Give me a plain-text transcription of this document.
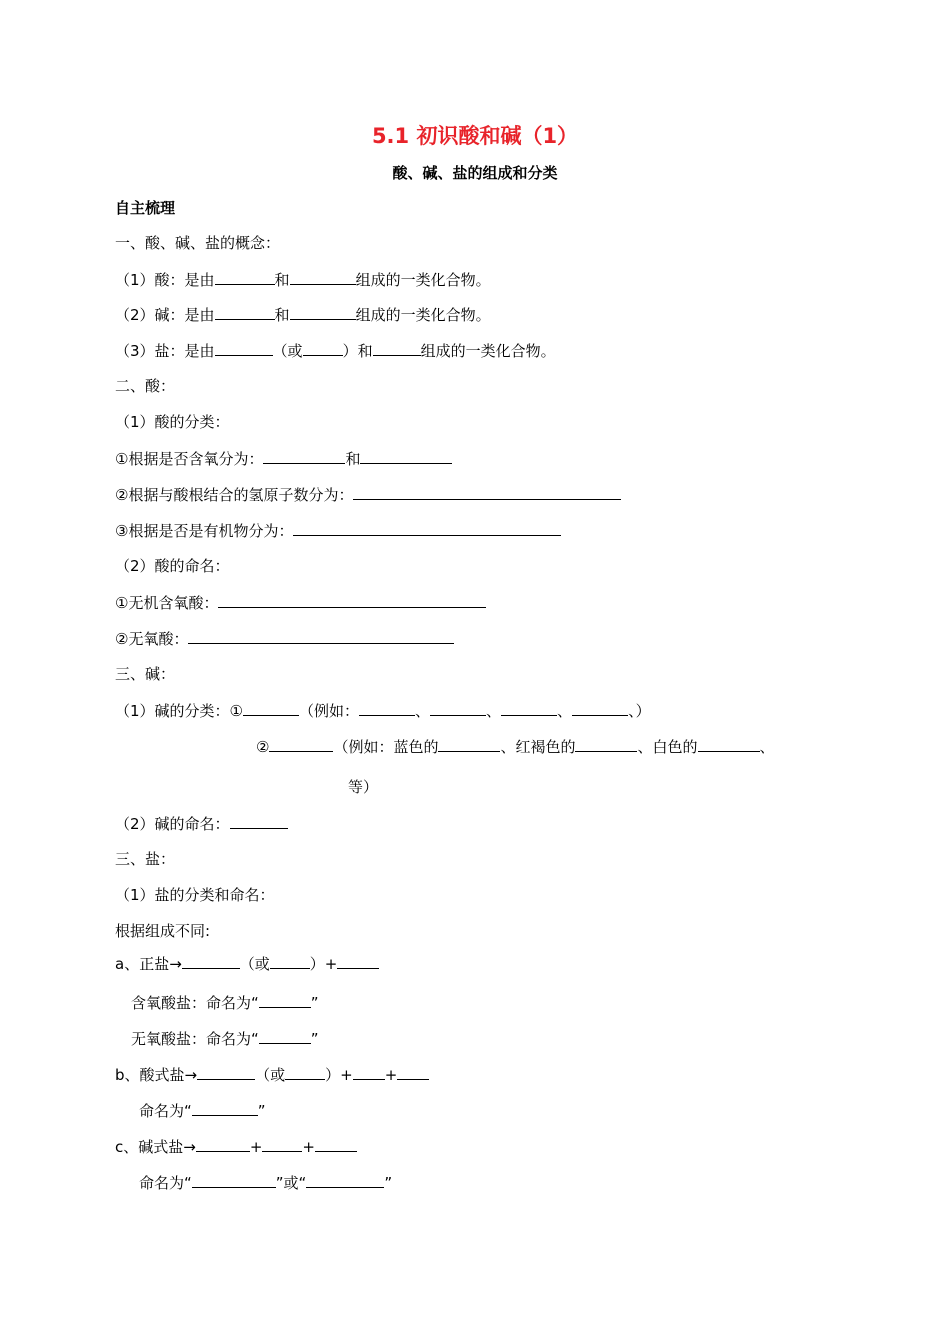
5.1 初识酸和碱（1）
酸、碱、盐的组成和分类
自主梳理
一、酸、碱、盐的概念：
（1）酸：是由	和	组成的一类化合物。
（2）碱：是由	和	组成的一类化合物。
（3）盐：是由	（或	）和	组成的一类化合物。
二、酸：
（1）酸的分类：
①根据是否含氧分为：	和
②根据与酸根结合的氢原子数分为：
③根据是否是有机物分为：
（2）酸的命名：
①无机含氧酸：
②无氧酸：
三、碱：
（1）碱的分类：①	（例如：	、	、	、	、）
②	（例如：蓝色的	、红褐色的	、白色的	、
等）
（2）碱的命名：
三、盐：
（1）盐的分类和命名：
根据组成不同:
a、正盐→	（或	）+
含氧酸盐：命名为“	”
无氧酸盐：命名为“	”
b、酸式盐→	（或	）+ +
命名为“	”
c、碱式盐→	+	+
命名为“	”或“	”
